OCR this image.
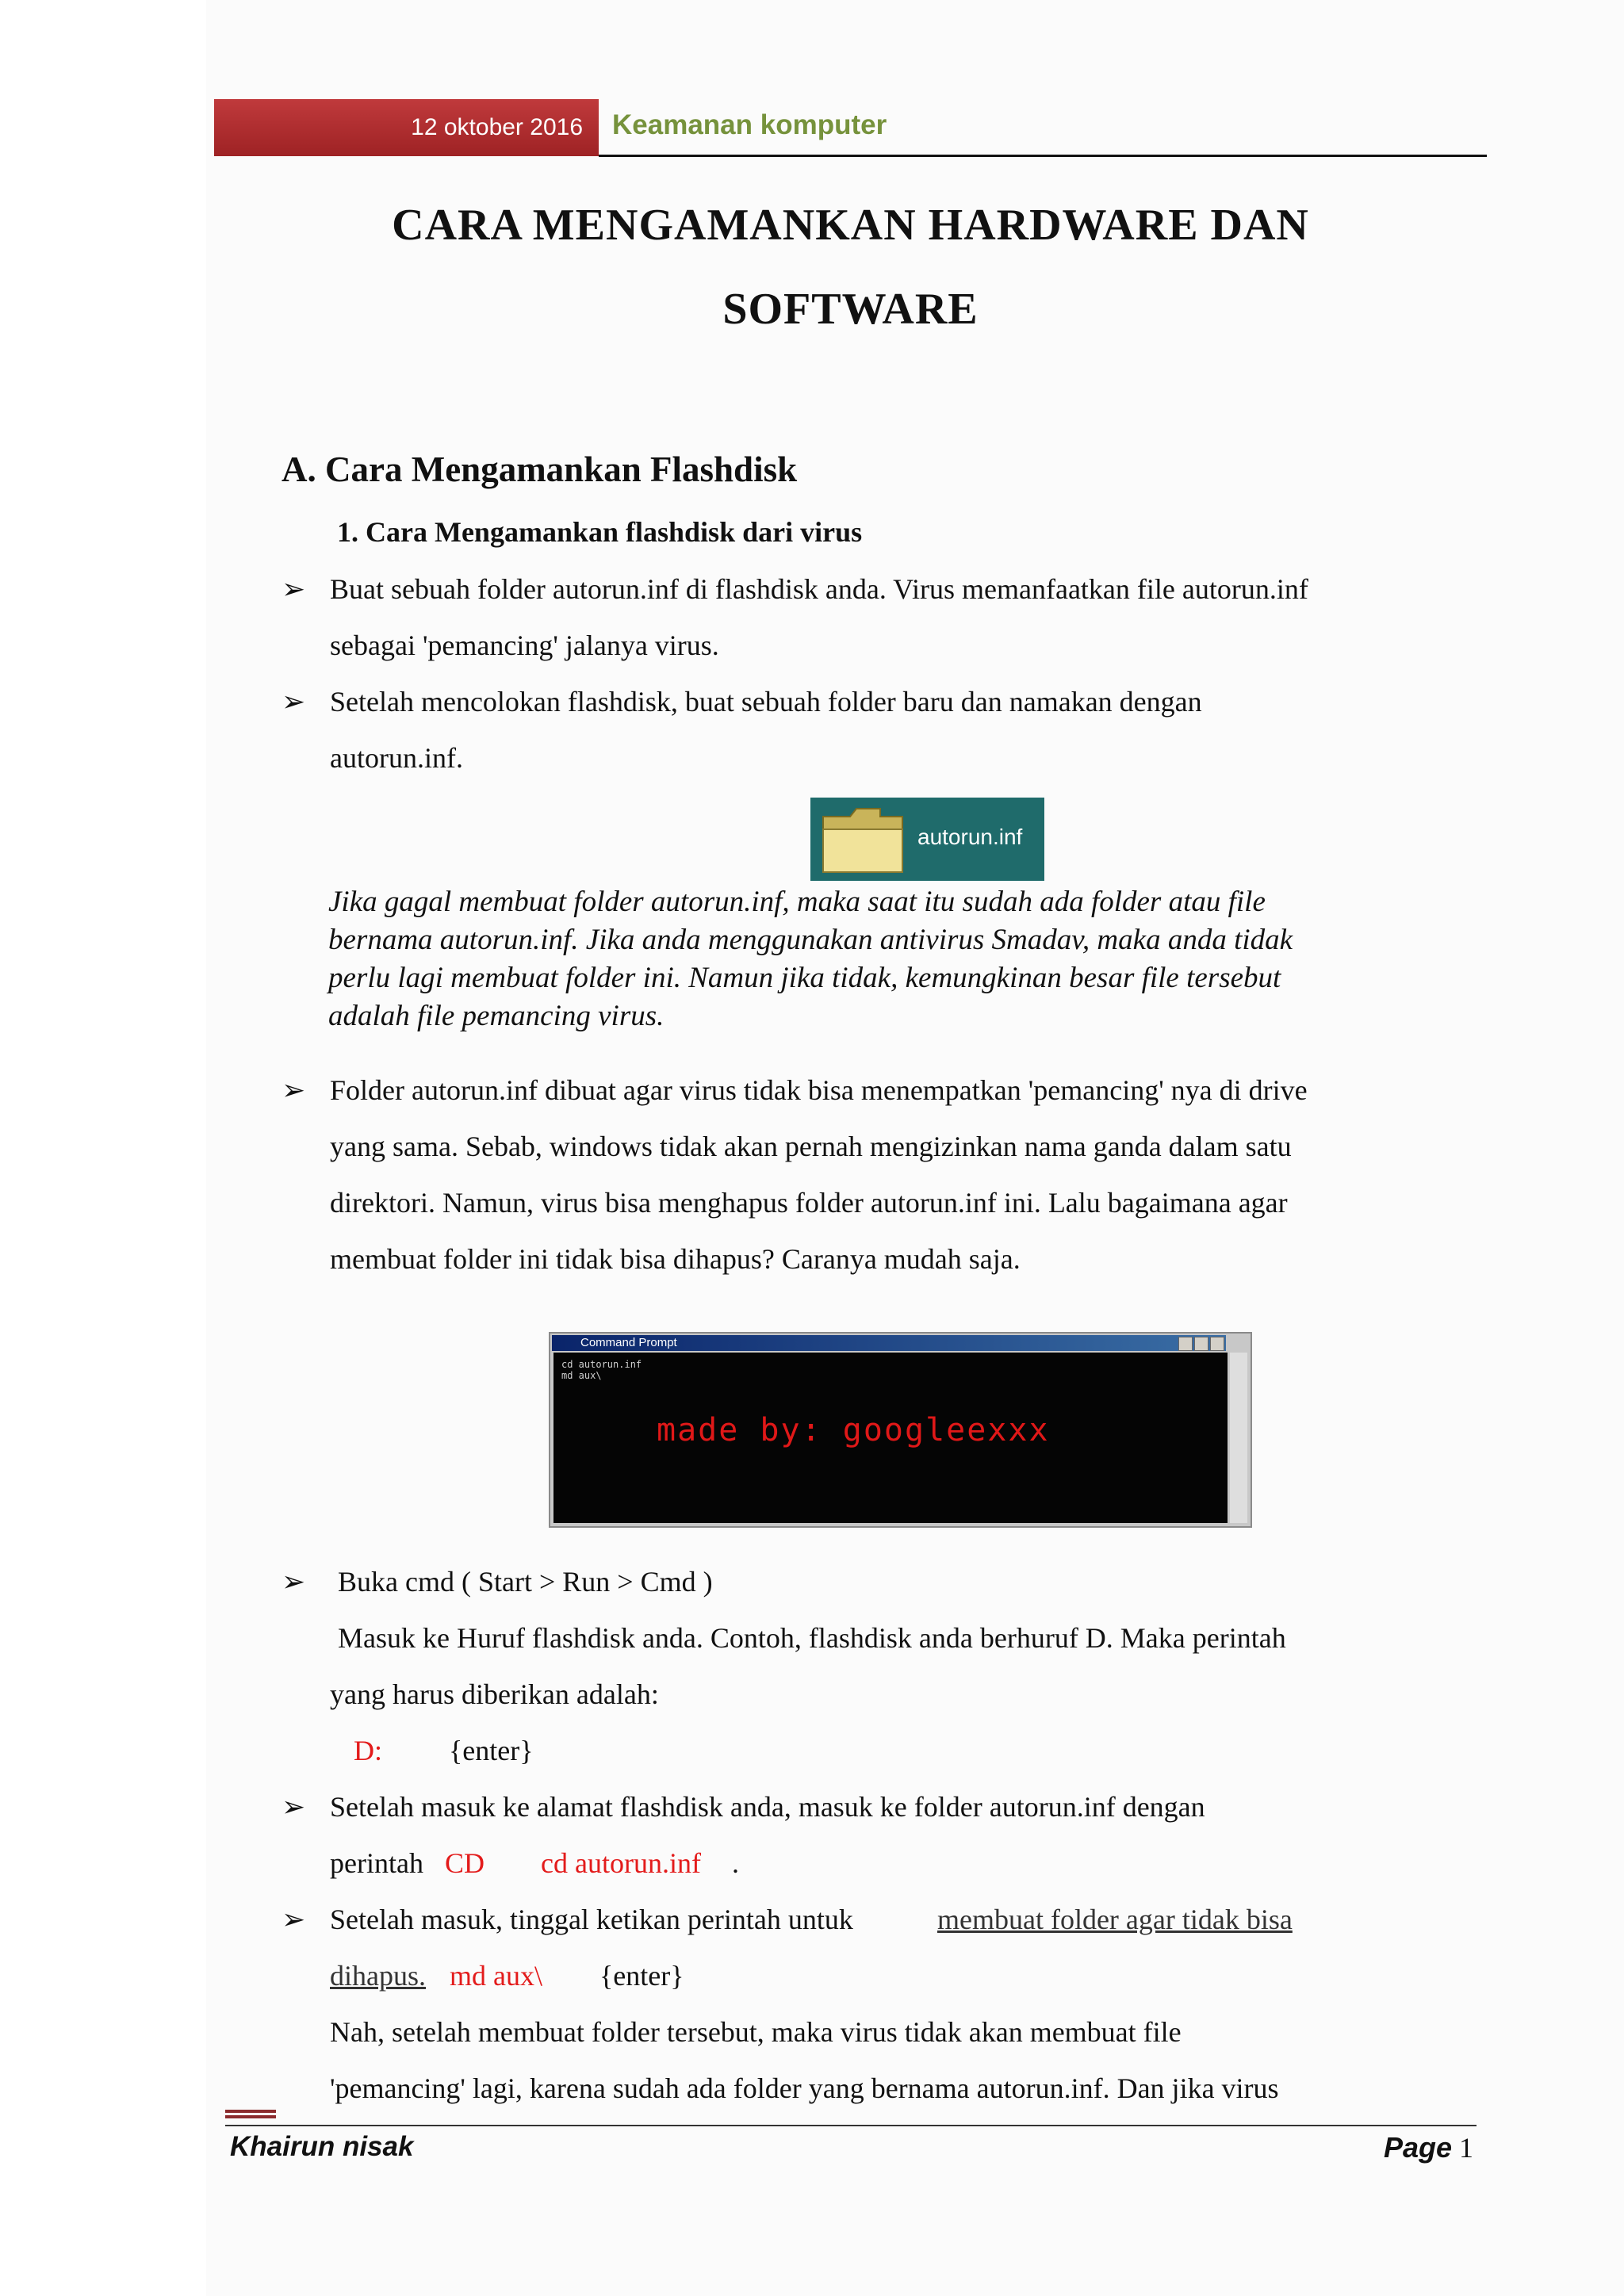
12 oktober 2016	Keamanan komputer
CARA MENGAMANKAN HARDWARE DAN
SOFTWARE
A. Cara Mengamankan Flashdisk
1. Cara Mengamankan flashdisk dari virus
➢ Buat sebuah folder autorun.inf di flashdisk anda. Virus memanfaatkan file autorun.inf
sebagai 'pemancing' jalanya virus.
➢ Setelah mencolokan flashdisk, buat sebuah folder baru dan namakan dengan
autorun.inf.
autorun.inf
Jika gagal membuat folder autorun.inf, maka saat itu sudah ada folder atau file
bernama autorun.inf. Jika anda menggunakan antivirus Smadav, maka anda tidak
perlu lagi membuat folder ini. Namun jika tidak, kemungkinan besar file tersebut
adalah file pemancing virus.
➢ Folder autorun.inf dibuat agar virus tidak bisa menempatkan 'pemancing' nya di drive
yang sama. Sebab, windows tidak akan pernah mengizinkan nama ganda dalam satu
direktori. Namun, virus bisa menghapus folder autorun.inf ini. Lalu bagaimana agar
membuat folder ini tidak bisa dihapus? Caranya mudah saja.
Command Prompt
cd autorun.inf
md aux\
made by: googleexxx
➢ Buka cmd ( Start > Run > Cmd )
Masuk ke Huruf flashdisk anda. Contoh, flashdisk anda berhuruf D. Maka perintah
yang harus diberikan adalah:
D: {enter}
➢ Setelah masuk ke alamat flashdisk anda, masuk ke folder autorun.inf dengan
perintah CD cd autorun.inf .
➢ Setelah masuk, tinggal ketikan perintah untuk	membuat folder agar tidak bisa
dihapus. md aux\ {enter}
Nah, setelah membuat folder tersebut, maka virus tidak akan membuat file
'pemancing' lagi, karena sudah ada folder yang bernama autorun.inf. Dan jika virus
Khairun nisak	Page 1
